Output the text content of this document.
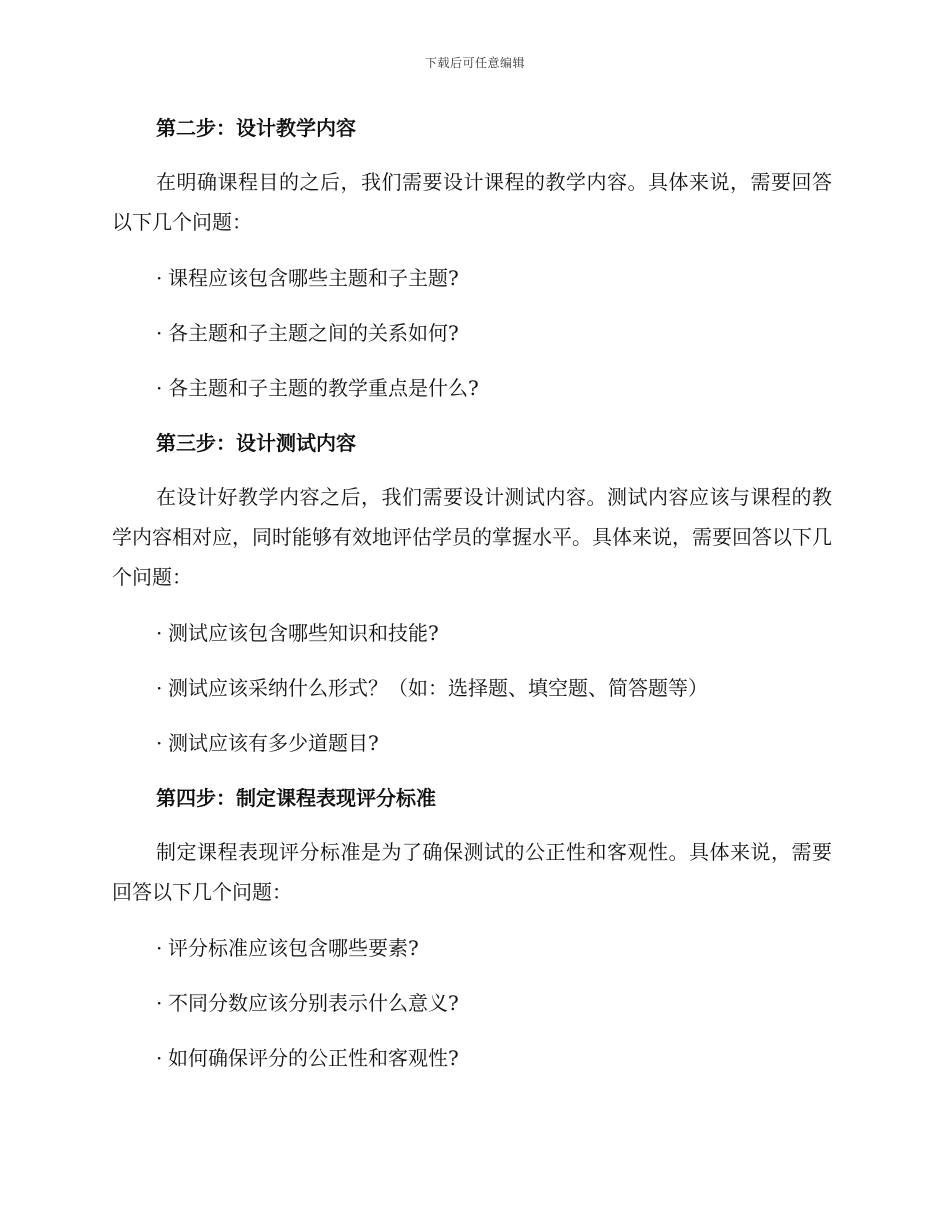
下载后可任意编辑
第二步：设计教学内容
在明确课程目的之后，我们需要设计课程的教学内容。具体来说，需要回答以下几个问题：
· 课程应该包含哪些主题和子主题?
· 各主题和子主题之间的关系如何?
· 各主题和子主题的教学重点是什么?
第三步：设计测试内容
在设计好教学内容之后，我们需要设计测试内容。测试内容应该与课程的教学内容相对应，同时能够有效地评估学员的掌握水平。具体来说，需要回答以下几个问题：
· 测试应该包含哪些知识和技能?
· 测试应该采纳什么形式？（如：选择题、填空题、简答题等）
· 测试应该有多少道题目?
第四步：制定课程表现评分标准
制定课程表现评分标准是为了确保测试的公正性和客观性。具体来说，需要回答以下几个问题：
· 评分标准应该包含哪些要素?
· 不同分数应该分别表示什么意义?
· 如何确保评分的公正性和客观性?
